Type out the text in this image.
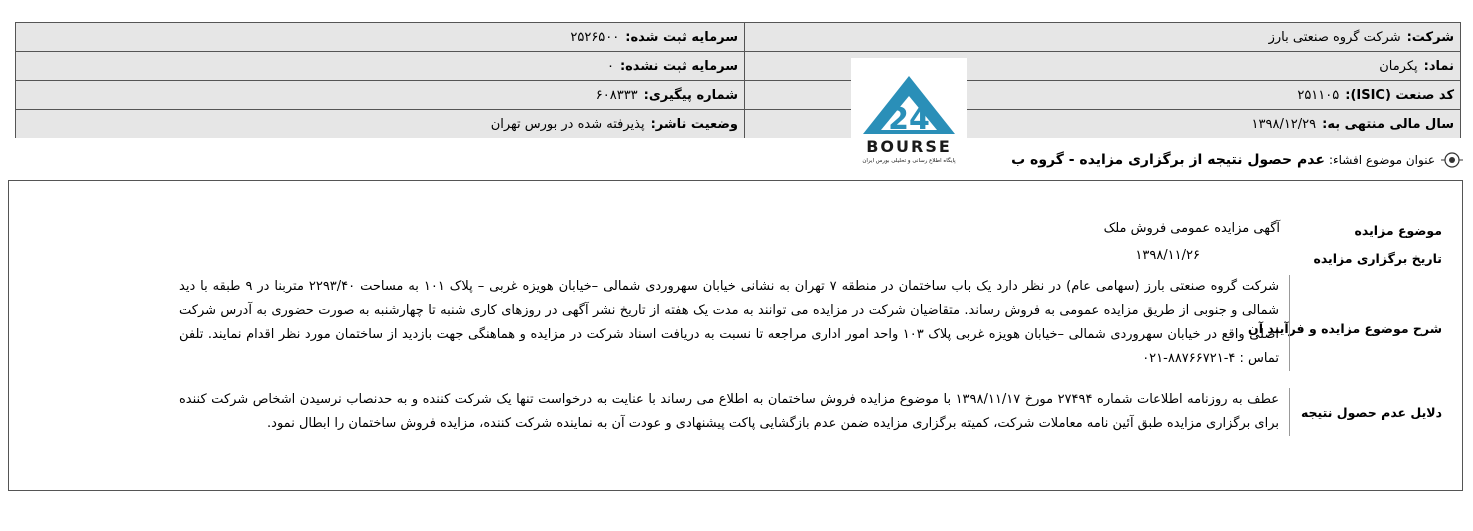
شرکت:
شرکت گروه صنعتی بارز
سرمایه ثبت شده:
۲۵۲۶۵۰۰
نماد:
پکرمان
سرمایه ثبت نشده:
۰
کد صنعت (ISIC):
۲۵۱۱۰۵
شماره پیگیری:
۶۰۸۳۳۳
سال مالی منتهی به:
۱۳۹۸/۱۲/۲۹
وضعیت ناشر:
پذیرفته شده در بورس تهران	24
BOURSE
پایگاه اطلاع رسانی و تحلیلی بورس ایران	عنوان موضوع افشاء:
عدم حصول نتیجه از برگزاری مزایده - گروه ب
موضوع مزایده
آگهی مزایده عمومی فروش ملک
تاریخ برگزاری مزایده
۱۳۹۸/۱۱/۲۶
شرح موضوع مزایده و فرآیند آن
شرکت گروه صنعتی بارز (سهامی عام) در نظر دارد یک باب ساختمان در منطقه ۷ تهران به نشانی خیابان سهروردی شمالی –خیابان هویزه غربی – پلاک ۱۰۱ به مساحت ۲۲۹۳/۴۰ متربنا در ۹ طبقه با دید شمالی و جنوبی از طریق مزایده عمومی به فروش رساند. متقاضیان شرکت در مزایده می توانند به مدت یک هفته از تاریخ نشر آگهی در روزهای کاری شنبه تا چهارشنبه به صورت حضوری به آدرس شرکت اصلی واقع در خیابان سهروردی شمالی –خیابان هویزه غربی پلاک ۱۰۳ واحد امور اداری مراجعه تا نسبت به دریافت اسناد شرکت در مزایده و هماهنگی جهت بازدید از ساختمان مورد نظر اقدام نمایند. تلفن تماس : ۴-۸۸۷۶۶۷۲۱-۰۲۱
دلایل عدم حصول نتیجه
عطف به روزنامه اطلاعات شماره ۲۷۴۹۴ مورخ ۱۳۹۸/۱۱/۱۷ با موضوع مزایده فروش ساختمان به اطلاع می رساند با عنایت به درخواست تنها یک شرکت کننده و به حدنصاب نرسیدن اشخاص شرکت کننده برای برگزاری مزایده طبق آئین نامه معاملات شرکت، کمیته برگزاری مزایده ضمن عدم بازگشایی پاکت پیشنهادی و عودت آن به نماینده شرکت کننده، مزایده فروش ساختمان را ابطال نمود.
